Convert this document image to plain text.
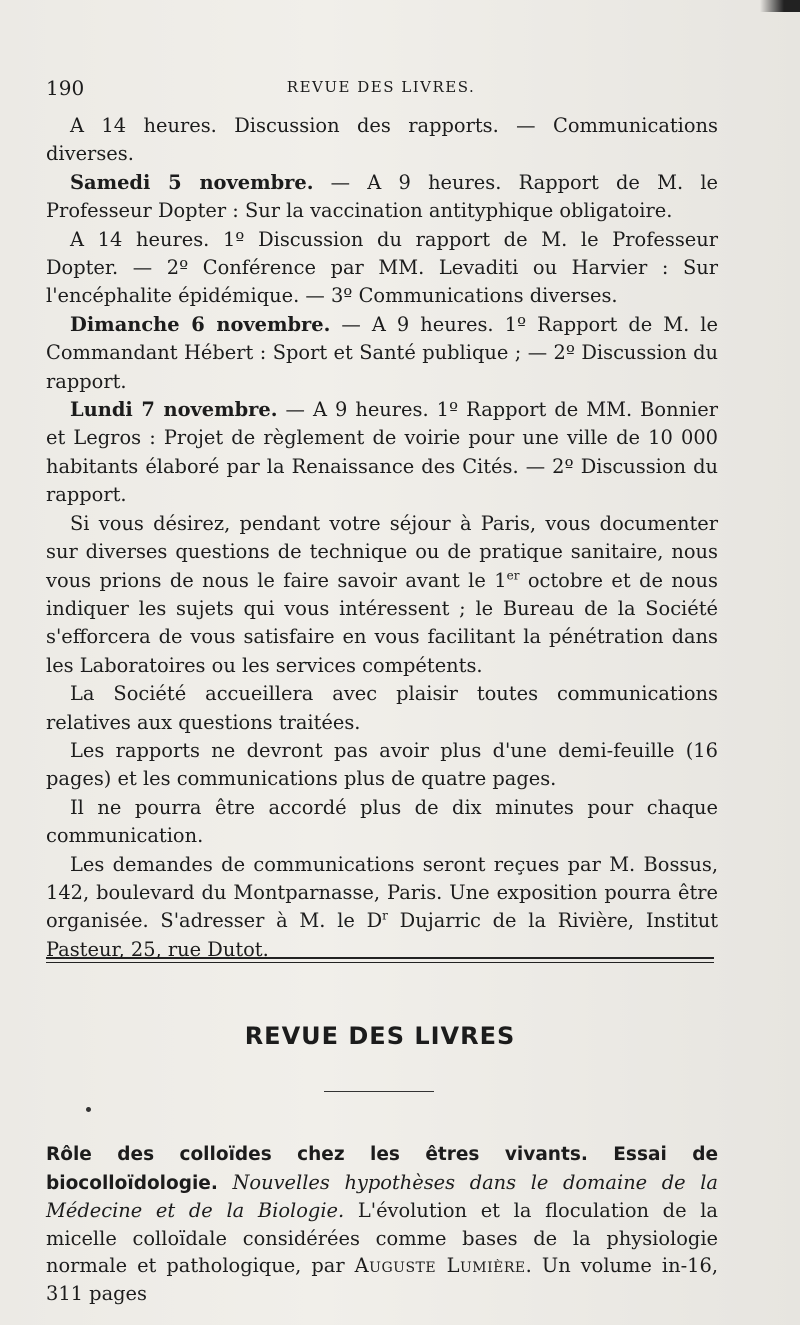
190	REVUE DES LIVRES.

A 14 heures. Discussion des rapports. — Communications diverses.

Samedi 5 novembre. — A 9 heures. Rapport de M. le Professeur Dopter : Sur la vaccination antityphique obligatoire.

A 14 heures. 1º Discussion du rapport de M. le Professeur Dopter. — 2º Conférence par MM. Levaditi ou Harvier : Sur l'encéphalite épidémique. — 3º Communications diverses.

Dimanche 6 novembre. — A 9 heures. 1º Rapport de M. le Commandant Hébert : Sport et Santé publique ; — 2º Discussion du rapport.

Lundi 7 novembre. — A 9 heures. 1º Rapport de MM. Bonnier et Legros : Projet de règlement de voirie pour une ville de 10 000 habitants élaboré par la Renaissance des Cités. — 2º Discussion du rapport.

Si vous désirez, pendant votre séjour à Paris, vous documenter sur diverses questions de technique ou de pratique sanitaire, nous vous prions de nous le faire savoir avant le 1er octobre et de nous indiquer les sujets qui vous intéressent ; le Bureau de la Société s'efforcera de vous satisfaire en vous facilitant la pénétration dans les Laboratoires ou les services compétents.

La Société accueillera avec plaisir toutes communications relatives aux questions traitées.

Les rapports ne devront pas avoir plus d'une demi-feuille (16 pages) et les communications plus de quatre pages.

Il ne pourra être accordé plus de dix minutes pour chaque communication.

Les demandes de communications seront reçues par M. Bossus, 142, boulevard du Montparnasse, Paris. Une exposition pourra être organisée. S'adresser à M. le $D^r$ Dujarric de la Rivière, Institut Pasteur, 25, rue Dutot.

REVUE DES LIVRES
Rôle des colloïdes chez les êtres vivants. Essai de biocolloïdologie. Nouvelles hypothèses dans le domaine de la Médecine et de la Biologie. L'évolution et la floculation de la micelle colloïdale considérées comme bases de la physiologie normale et pathologique, par Auguste Lumière. Un volume in-16, 311 pages
